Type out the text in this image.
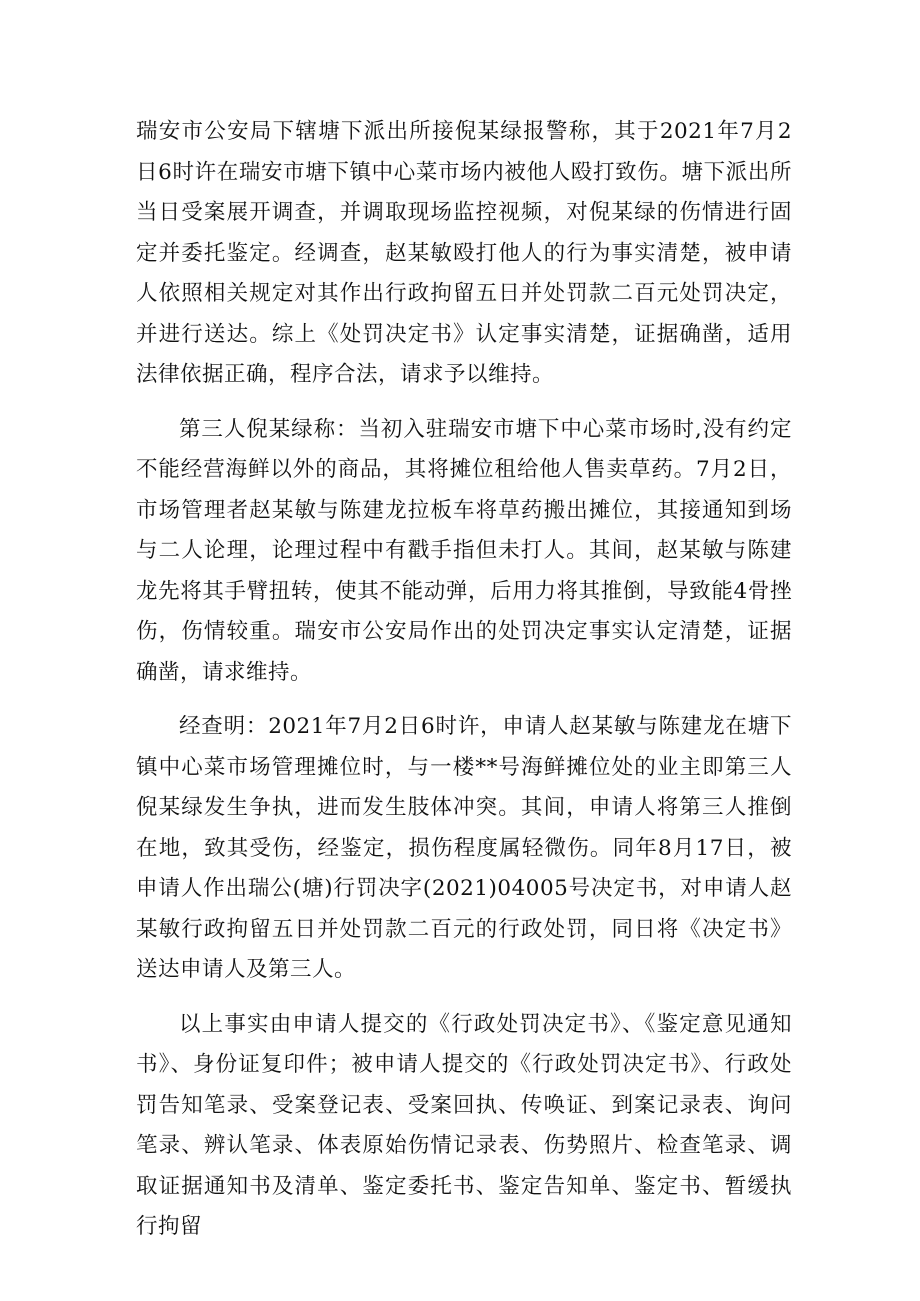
瑞安市公安局下辖塘下派出所接倪某绿报警称，其于2021年7月2日6时许在瑞安市塘下镇中心菜市场内被他人殴打致伤。塘下派出所当日受案展开调查，并调取现场监控视频，对倪某绿的伤情进行固定并委托鉴定。经调查，赵某敏殴打他人的行为事实清楚，被申请人依照相关规定对其作出行政拘留五日并处罚款二百元处罚决定，并进行送达。综上《处罚决定书》认定事实清楚，证据确凿，适用法律依据正确，程序合法，请求予以维持。

第三人倪某绿称：当初入驻瑞安市塘下中心菜市场时,没有约定不能经营海鲜以外的商品，其将摊位租给他人售卖草药。7月2日，市场管理者赵某敏与陈建龙拉板车将草药搬出摊位，其接通知到场与二人论理，论理过程中有戳手指但未打人。其间，赵某敏与陈建龙先将其手臂扭转，使其不能动弹，后用力将其推倒，导致能4骨挫伤，伤情较重。瑞安市公安局作出的处罚决定事实认定清楚，证据确凿，请求维持。

经查明：2021年7月2日6时许，申请人赵某敏与陈建龙在塘下镇中心菜市场管理摊位时，与一楼**号海鲜摊位处的业主即第三人倪某绿发生争执，进而发生肢体冲突。其间，申请人将第三人推倒在地，致其受伤，经鉴定，损伤程度属轻微伤。同年8月17日，被申请人作出瑞公(塘)行罚决字(2021)04005号决定书，对申请人赵某敏行政拘留五日并处罚款二百元的行政处罚，同日将《决定书》送达申请人及第三人。

以上事实由申请人提交的《行政处罚决定书》、《鉴定意见通知书》、身份证复印件；被申请人提交的《行政处罚决定书》、行政处罚告知笔录、受案登记表、受案回执、传唤证、到案记录表、询问笔录、辨认笔录、体表原始伤情记录表、伤势照片、检查笔录、调取证据通知书及清单、鉴定委托书、鉴定告知单、鉴定书、暂缓执行拘留
